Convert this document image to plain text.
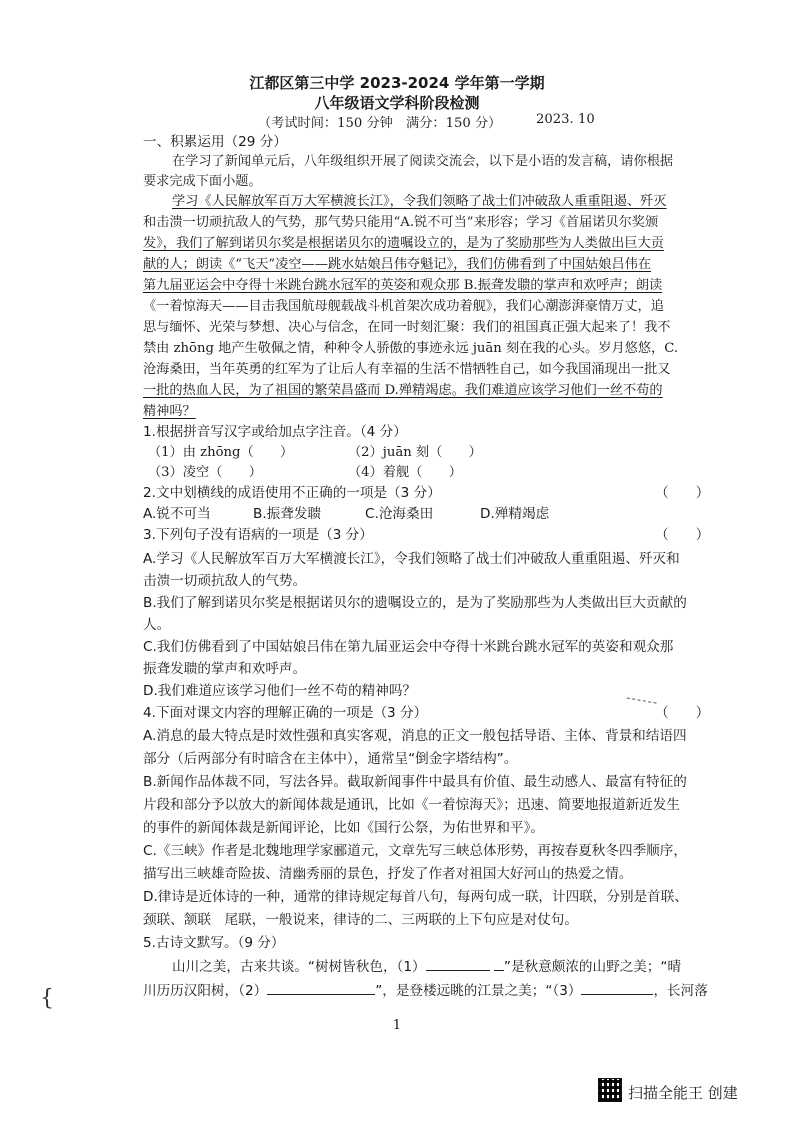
江都区第三中学 2023-2024 学年第一学期
八年级语文学科阶段检测
（考试时间：150 分钟　满分：150 分）	2023. 10
一、积累运用（29 分）
在学习了新闻单元后，八年级组织开展了阅读交流会，以下是小语的发言稿，请你根据
要求完成下面小题。
学习《人民解放军百万大军横渡长江》，令我们领略了战士们冲破敌人重重阻遏、歼灭
和击溃一切顽抗敌人的气势，那气势只能用“A.锐不可当”来形容；学习《首届诺贝尔奖颁
发》，我们了解到诺贝尔奖是根据诺贝尔的遗嘱设立的，是为了奖励那些为人类做出巨大贡
献的人；朗读《“飞天”凌空——跳水姑娘吕伟夺魁记》，我们仿佛看到了中国姑娘吕伟在
第九届亚运会中夺得十米跳台跳水冠军的英姿和观众那 B.振聋发聩的掌声和欢呼声；朗读
《一着惊海天——目击我国航母舰载战斗机首架次成功着舰》，我们心潮澎湃豪情万丈，追
思与缅怀、光荣与梦想、决心与信念，在同一时刻汇聚：我们的祖国真正强大起来了！我不
禁由 zhōng 地产生敬佩之情，种种令人骄傲的事迹永远 juān 刻在我的心头。岁月悠悠，C.
沧海桑田，当年英勇的红军为了让后人有幸福的生活不惜牺牲自己，如今我国涌现出一批又
一批的热血人民，为了祖国的繁荣昌盛而 D.殚精竭虑。我们难道应该学习他们一丝不苟的
精神吗？
1.根据拼音写汉字或给加点字注音。（4 分）
（1）由 zhōng（　　）	（2）juān 刻（　　）
（3）凌空（　　）	（4）着舰（　　）
2.文中划横线的成语使用不正确的一项是（3 分）	（　　）
A.锐不可当	B.振聋发聩	C.沧海桑田	D.殚精竭虑
3.下列句子没有语病的一项是（3 分）	（　　）
A.学习《人民解放军百万大军横渡长江》，令我们领略了战士们冲破敌人重重阻遏、歼灭和
击溃一切顽抗敌人的气势。
B.我们了解到诺贝尔奖是根据诺贝尔的遗嘱设立的，是为了奖励那些为人类做出巨大贡献的
人。
C.我们仿佛看到了中国姑娘吕伟在第九届亚运会中夺得十米跳台跳水冠军的英姿和观众那
振聋发聩的掌声和欢呼声。
D.我们难道应该学习他们一丝不苟的精神吗？
4.下面对课文内容的理解正确的一项是（3 分）	（　　）
A.消息的最大特点是时效性强和真实客观，消息的正文一般包括导语、主体、背景和结语四
部分（后两部分有时暗含在主体中），通常呈“倒金字塔结构”。
B.新闻作品体裁不同，写法各异。截取新闻事件中最具有价值、最生动感人、最富有特征的
片段和部分予以放大的新闻体裁是通讯，比如《一着惊海天》；迅速、简要地报道新近发生
的事件的新闻体裁是新闻评论，比如《国行公祭，为佑世界和平》。
C.《三峡》作者是北魏地理学家郦道元，文章先写三峡总体形势，再按春夏秋冬四季顺序，
描写出三峡雄奇险拔、清幽秀丽的景色，抒发了作者对祖国大好河山的热爱之情。
D.律诗是近体诗的一种，通常的律诗规定每首八句，每两句成一联，计四联，分别是首联、
颈联、颔联　尾联，一般说来，律诗的二、三两联的上下句应是对仗句。
5.古诗文默写。（9 分）
山川之美，古来共谈。“树树皆秋色，（1）	”是秋意颇浓的山野之美；“晴
川历历汉阳树，（2）	”，是登楼远眺的江景之美；“（3）	，长河落
{
1
扫描全能王 创建
